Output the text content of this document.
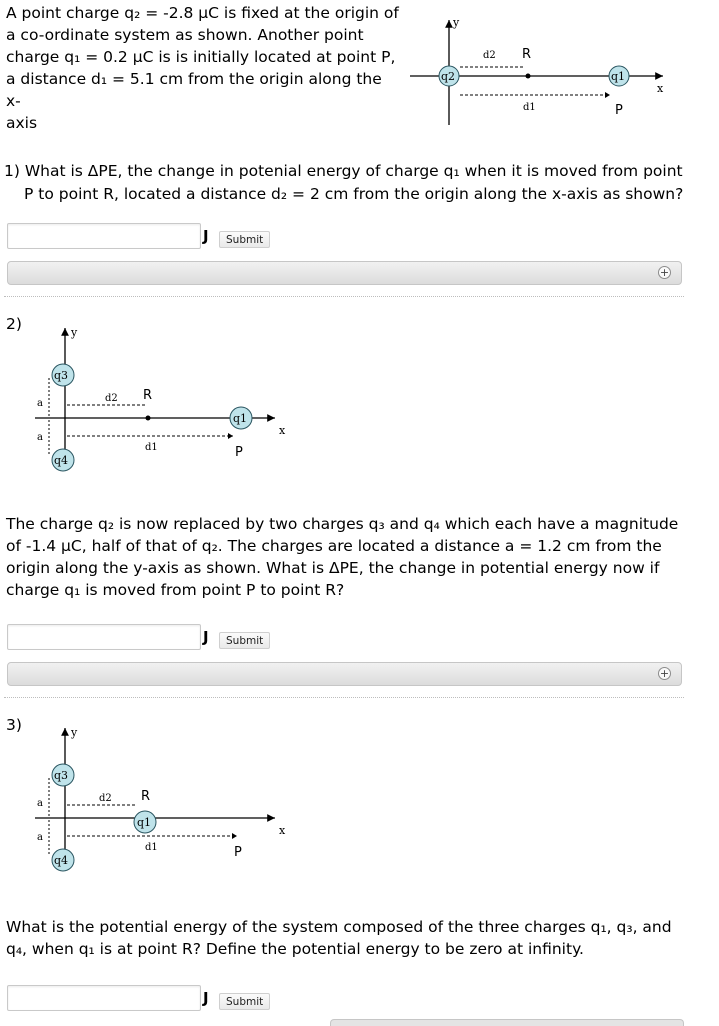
A point charge q₂ = -2.8 μC is fixed at the origin of
a co-ordinate system as shown. Another point
charge q₁ = 0.2 μC is is initially located at point P,
a distance d₁ = 5.1 cm from the origin along the x-
axis
q2	q1
y
x
R
P
d2
d1
1) What is ΔPE, the change in potenial energy of charge q₁ when it is moved from point
P to point R, located a distance d₂ = 2 cm from the origin along the x-axis as shown?
J	Submit
+
2)
q3
q4
q1
y
x
a
a
R
P
d2
d1
The charge q₂ is now replaced by two charges q₃ and q₄ which each have a magnitude
of -1.4 μC, half of that of q₂. The charges are located a distance a = 1.2 cm from the
origin along the y-axis as shown. What is ΔPE, the change in potential energy now if
charge q₁ is moved from point P to point R?
J	Submit
+
3)
q3
q4
q1
y
x
a
a
R
P
d2
d1
What is the potential energy of the system composed of the three charges q₁, q₃, and
q₄, when q₁ is at point R? Define the potential energy to be zero at infinity.
J	Submit
